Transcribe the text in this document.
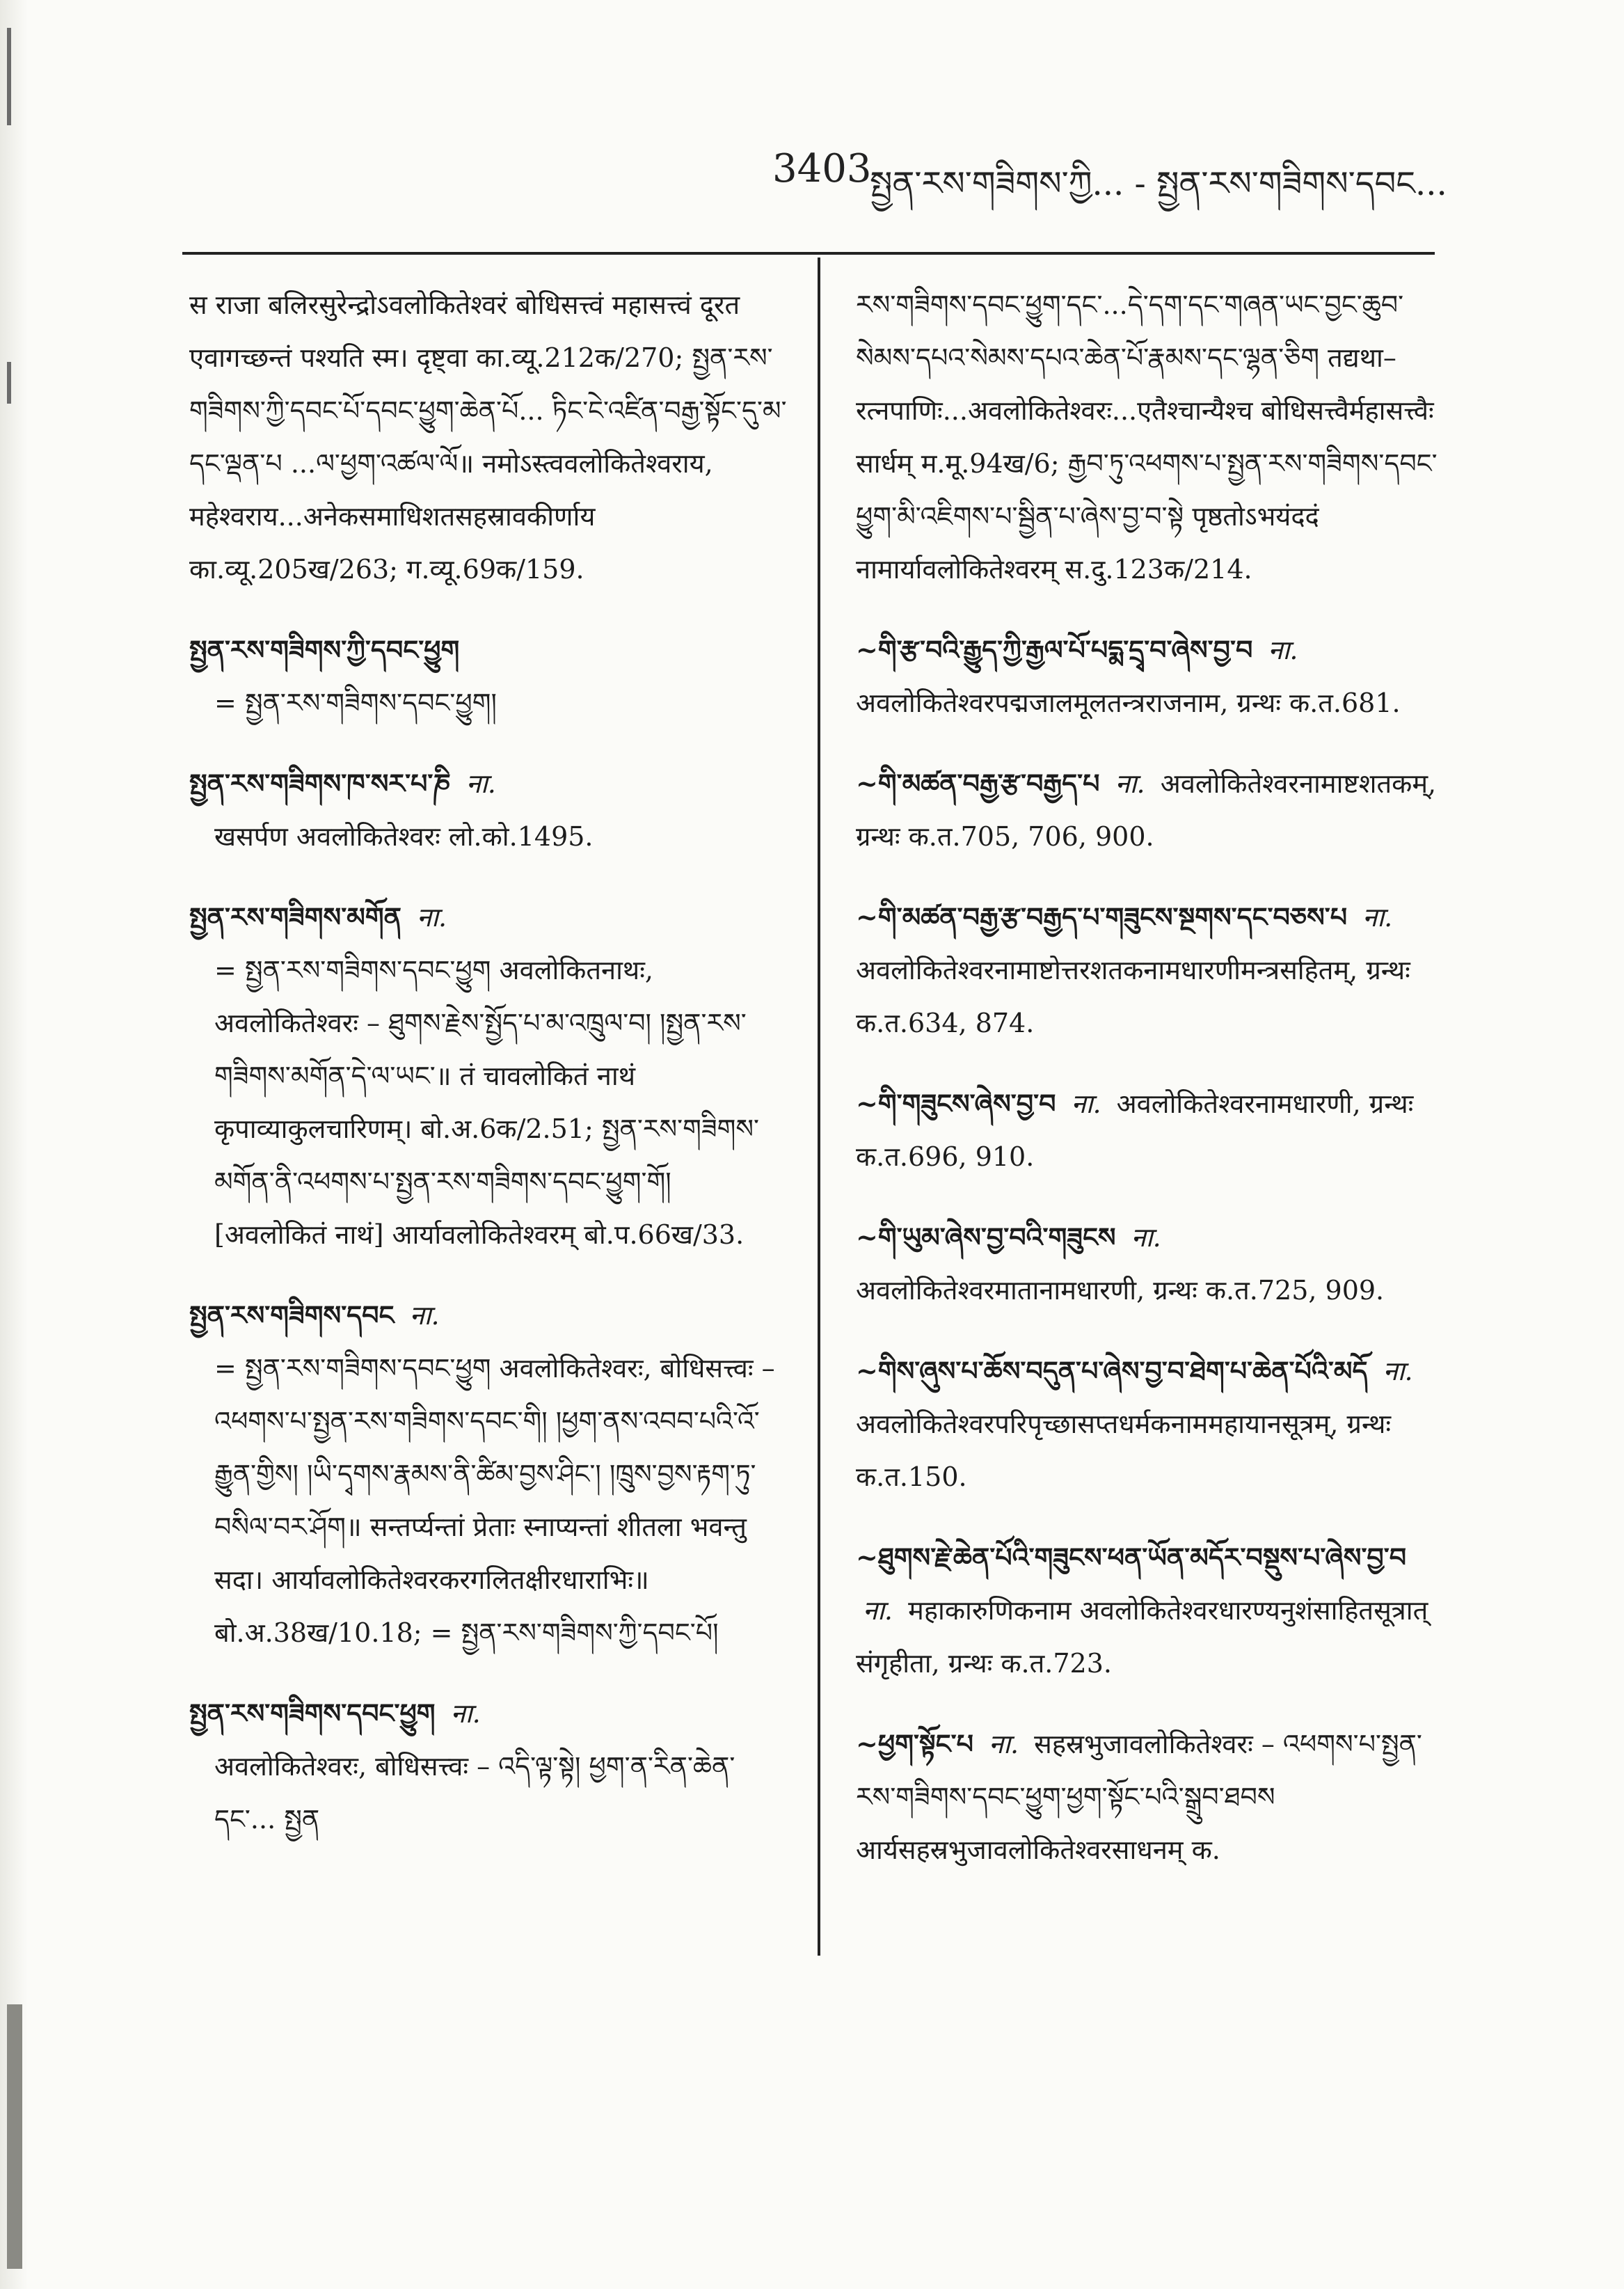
3403
སྤྱན་རས་གཟིགས་ཀྱི... - སྤྱན་རས་གཟིགས་དབང...
स राजा बलिरसुरेन्द्रोऽवलोकितेश्वरं बोधिसत्त्वं महासत्त्वं दूरत एवागच्छन्तं पश्यति स्म। दृष्ट्वा का.व्यू.212क/270; སྤྱན་རས་གཟིགས་ཀྱི་དབང་པོ་དབང་ཕྱུག་ཆེན་པོ... ཏིང་ངེ་འཛིན་བརྒྱ་སྟོང་དུ་མ་དང་ལྡན་པ ...ལ་ཕྱག་འཚལ་ལོ॥ नमोऽस्त्ववलोकितेश्वराय, महेश्वराय...अनेकसमाधिशतसहस्रावकीर्णाय का.व्यू.205ख/263; ग.व्यू.69क/159.
སྤྱན་རས་གཟིགས་ཀྱི་དབང་ཕྱུག
= སྤྱན་རས་གཟིགས་དབང་ཕྱུག།
སྤྱན་རས་གཟིགས་ཁ་སར་པ་ཎི ना.
खसर्पण अवलोकितेश्वरः लो.को.1495.
སྤྱན་རས་གཟིགས་མགོན ना.
= སྤྱན་རས་གཟིགས་དབང་ཕྱུག अवलोकितनाथः, अवलोकितेश्वरः – ཐུགས་རྗེས་སྤྱོད་པ་མ་འཁྲུལ་བ། །སྤྱན་རས་གཟིགས་མགོན་དེ་ལ་ཡང་॥ तं चावलोकितं नाथं कृपाव्याकुलचारिणम्। बो.अ.6क/2.51; སྤྱན་རས་གཟིགས་མགོན་ནི་འཕགས་པ་སྤྱན་རས་གཟིགས་དབང་ཕྱུག་གོ། [अवलोकितं नाथं] आर्यावलोकितेश्वरम् बो.प.66ख/33.
སྤྱན་རས་གཟིགས་དབང ना.
= སྤྱན་རས་གཟིགས་དབང་ཕྱུག अवलोकितेश्वरः, बोधिसत्त्वः – འཕགས་པ་སྤྱན་རས་གཟིགས་དབང་གི། །ཕྱག་ནས་འབབ་པའི་འོ་རྒྱུན་གྱིས། །ཡི་དྭགས་རྣམས་ནི་ཚིམ་བྱས་ཤིང་། །ཁྲུས་བྱས་རྟག་ཏུ་བསིལ་བར་ཤོག॥ सन्तर्प्यन्तां प्रेताः स्नाप्यन्तां शीतला भवन्तु सदा। आर्यावलोकितेश्वरकरगलितक्षीरधाराभिः॥ बो.अ.38ख/10.18; = སྤྱན་རས་གཟིགས་ཀྱི་དབང་པོ།
སྤྱན་རས་གཟིགས་དབང་ཕྱུག ना.
अवलोकितेश्वरः, बोधिसत्त्वः – འདི་ལྟ་སྟེ། ཕྱག་ན་རིན་ཆེན་དང་... སྤྱན
རས་གཟིགས་དབང་ཕྱུག་དང་...དེ་དག་དང་གཞན་ཡང་བྱང་ཆུབ་སེམས་དཔའ་སེམས་དཔའ་ཆེན་པོ་རྣམས་དང་ལྷན་ཅིག तद्यथा–रत्नपाणिः...अवलोकितेश्वरः...एतैश्चान्यैश्च बोधिसत्त्वैर्महासत्त्वैः सार्धम् म.मू.94ख/6; རྒྱབ་ཏུ་འཕགས་པ་སྤྱན་རས་གཟིགས་དབང་ཕྱུག་མི་འཇིགས་པ་སྦྱིན་པ་ཞེས་བྱ་བ་སྟེ पृष्ठतोऽभयंददं नामार्यावलोकितेश्वरम् स.दु.123क/214.
~གི་རྩ་བའི་རྒྱུད་ཀྱི་རྒྱལ་པོ་པདྨ་དྲྭ་བ་ཞེས་བྱ་བ ना. अवलोकितेश्वरपद्मजालमूलतन्त्रराजनाम, ग्रन्थः क.त.681.
~གི་མཚན་བརྒྱ་རྩ་བརྒྱད་པ ना. अवलोकितेश्वरनामाष्टशतकम्, ग्रन्थः क.त.705, 706, 900.
~གི་མཚན་བརྒྱ་རྩ་བརྒྱད་པ་གཟུངས་སྔགས་དང་བཅས་པ ना. अवलोकितेश्वरनामाष्टोत्तरशतकनामधारणीमन्त्रसहितम्, ग्रन्थः क.त.634, 874.
~གི་གཟུངས་ཞེས་བྱ་བ ना. अवलोकितेश्वरनामधारणी, ग्रन्थः क.त.696, 910.
~གི་ཡུམ་ཞེས་བྱ་བའི་གཟུངས ना. अवलोकितेश्वरमातानामधारणी, ग्रन्थः क.त.725, 909.
~གིས་ཞུས་པ་ཆོས་བདུན་པ་ཞེས་བྱ་བ་ཐེག་པ་ཆེན་པོའི་མདོ ना. अवलोकितेश्वरपरिपृच्छासप्तधर्मकनाममहायानसूत्रम्, ग्रन्थः क.त.150.
~ཐུགས་རྗེ་ཆེན་པོའི་གཟུངས་ཕན་ཡོན་མདོར་བསྡུས་པ་ཞེས་བྱ་བ ना. महाकारुणिकनाम अवलोकितेश्वरधारण्यनुशंसाहितसूत्रात् संगृहीता, ग्रन्थः क.त.723.
~ཕྱག་སྟོང་པ ना. सहस्रभुजावलोकितेश्वरः – འཕགས་པ་སྤྱན་རས་གཟིགས་དབང་ཕྱུག་ཕྱག་སྟོང་པའི་སྒྲུབ་ཐབས आर्यसहस्रभुजावलोकितेश्वरसाधनम् क.
